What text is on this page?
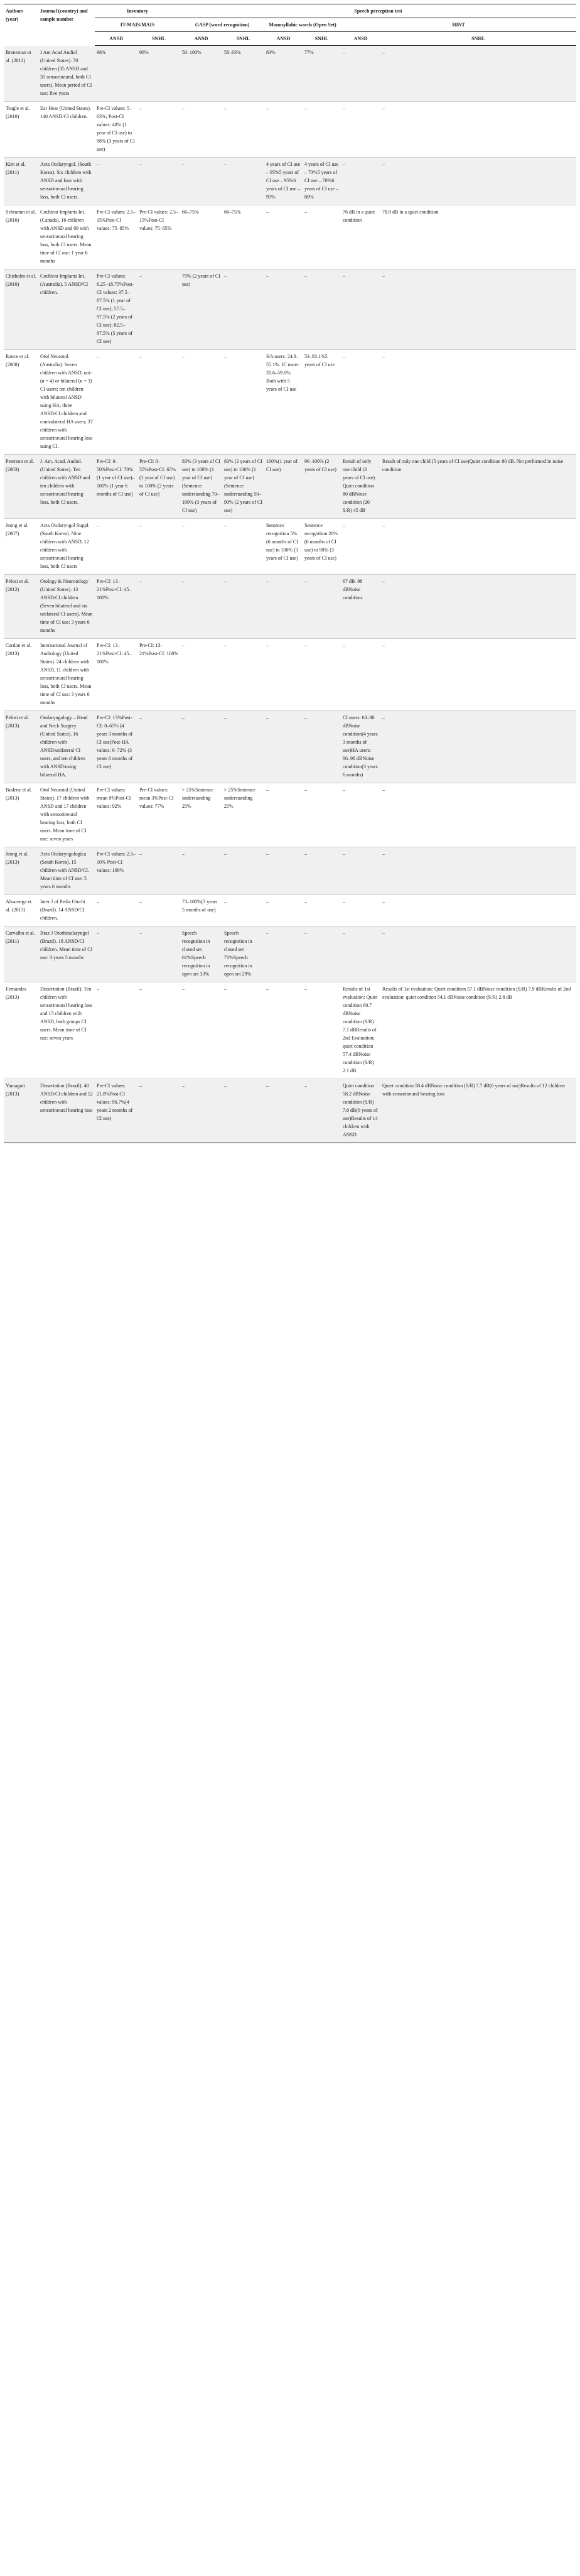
Authors (year)	Journal (country) and sample number	Inventory		Speech perception test					
		IT-MAIS/MAIS		GASP (word recognition)		Monosyllabic words (Open Set)		HINT	
		ANSD	SNHL	ANSD	SNHL	ANSD	SNHL	ANSD	SNHL
Breneman et al. (2012)	J Am Acad Audiol (United States). 70 children (35 ANSD and 35 sensorineural, both CI users). Mean period of CI use: five years	98%	98%	50–100%	58–63%	83%	77%	–	–
Teagle et al. (2010)	Ear Hear (United States). 140 ANSD/CI children.	Pre-CI values: 5–63%; Post-CI values: 48% (1 year of CI use) to 98% (3 years of CI use)	–	–	–	–	–	–	–
Kim et al. (2011)	Acta Otolaryngol. (South Korea). Six children with ANSD and four with sensorineural hearing loss, both CI users.	–	–	–	–	4 years of CI use – 95%5 years of CI use – 95%6 years of CI use – 95%	4 years of CI use – 73%5 years of CI use – 70%6 years of CI use – 80%	–	–
Schramm et al. (2010)	Cochlear Implants Int. (Canada). 16 children with ANSD and 89 with sensorineural hearing loss, both CI users. Mean time of CI use: 1 year 6 months	Pre-CI values: 2.5–15%Post-CI values: 75–85%	Pre-CI values: 2.5–15%Post-CI values: 75–85%	66–75%	66–75%	–	–	76 dB in a quiet condition	78.9 dB in a quiet condition
Chisholm et al. (2010)	Cochlear Implants Int. (Australia). 5 ANSD/CI children.	Pre-CI values: 6.25–18.75%Post-CI values: 37.5–87.5% (1 year of CI use); 57.5–97.5% (2 years of CI use); 82.5–97.5% (5 years of CI use)	–	75% (2 years of CI use)	–	–	–	–	–
Rance et al. (2008)	Otol Neurotol. (Australia). Seven children with ANSD, uni- (n = 4) or bilateral (n = 3) CI users; ten children with bilateral ANSD using HA; three ANSD/CI children and contralateral HA users; 37 children with sensorineural hearing loss using CI.	–	–	–	–	HA users: 24.8–55.1%. IC users: 20.6–59.6%. Both with 5 years of CI use	53–83.1%5 years of CI use	–	–
Peterson et al. (2003)	J. Am. Acad. Audiol. (United States). Ten children with ANSD and ten children with sensorineural hearing loss, both CI users.	Pre-CI: 0–50%Post-CI: 70% (1 year of CI use)–100% (1 year 6 months of CI use)	Pre-CI: 0–55%Post-CI: 65% (1 year of CI use) to 100% (2 years of CI use)	83% (3 years of CI use) to 100% (1 year of CI use)(Sentence understanding 70–100% (3 years of CI use)	83% (2 years of CI use) to 100% (1 year of CI use)(Sentence understanding 50–90% (2 years of CI use)	100%(1 year of CI use)	96–100% (2 years of CI use)	Result of only one child (3 years of CI use): Quiet condition 80 dBNoise condition (20 S/R) 45 dB	Result of only one child (5 years of CI use)Quiet condition 80 dB. Not performed in noise condition
Jeong et al. (2007)	Acta Otolaryngol Suppl. (South Korea). Nine children with ANSD, 12 children with sensorineural hearing loss, both CI users	–	–	–	–	Sentence recognition 5% (6 months of CI use) to 100% (3 years of CI use)	Sentence recognition 20% (6 months of CI use) to 90% (3 years of CI use)	–	–
Pelosi et al. (2012)	Otology & Neurotology (United States). 13 ANSD/CI children (Seven bilateral and six unilateral CI users). Mean time of CI use: 3 years 6 months	Pre-CI: 13–21%Post-CI: 45–100%	–	–	–	–	–	67 dB–98 dBNoise condition.	–
Cardon et al. (2013)	International Journal of Audiology (United States). 24 children with ANSD, 11 children with sensorineural hearing loss, both CI users. Mean time of CI use: 3 years 6 months	Pre-CI: 13–21%Post-CI: 45–100%	Pre-CI: 13–21%Post-CI: 100%	–	–	–	–	–	–
Pelosi et al. (2013)	Otolaryngology – Head and Neck Surgery (United States). 16 children with ANSD/unilateral CI users, and ten children with ANSD/using bilateral HA.	Pre-CI: 13%Post-CI: 0–65% (4 years 3 months of CI use)Post-HA values: 0–72% (3 years 6 months of CI use)	–	–	–	–	–	CI users: 63–98 dBNoise condition(4 years 3 months of use)HA users: 86–98 dBNoise condition(3 years 6 months)	–
Budenz et al. (2013)	Otol Neurotol (United States). 17 children with ANSD and 17 children with sensorineural hearing loss, both CI users. Mean time of CI use: seven years	Pre-CI values: mean 0%Post-CI values: 92%	Pre-CI values: mean 3%Post-CI values: 77%	> 25%Sentence understanding 25%	> 25%Sentence understanding 25%	–	–	–	–
Jeong et al. (2013)	Acta Otolaryngologica (South Korea). 15 children with ANSD/CI. Mean time of CI use: 5 years 6 months	Pre-CI values: 2.5–10% Post-CI values: 100%	–	–	–	–	–	–	–
Alvarenga et al. (2013)	Inter J of Pedia Otorhi (Brazil). 14 ANSD/CI children.	–	–	73–100%(3 years 5 months of use)	–	–	–	–	–
Carvalho et al. (2011)	Braz J Otorhinolaryngol (Brazil). 18 ANSD/CI children. Mean time of CI use: 3 years 5 months	–	–	Speech recognition in closed set 61%Speech recognition in open set 33%	Speech recognition in closed set 71%Speech recognition in open set 29%	–	–	–	–
Fernandes (2013)	Dissertation (Brazil). Ten children with sensorineural hearing loss and 15 children with ANSD, both groups CI users. Mean time of CI use: seven years	–	–	–	–	–	–	Results of 1st evaluation: Quiet condition 60.7 dBNoise condition (S/R) 7.1 dBResults of 2nd Evaluation: quiet condition 57.4 dBNoise condition (S/R) 2.1 dB	Results of 1st evaluation: Quiet condition 57.1 dBNoise condition (S/R) 7.9 dBResults of 2nd evaluation: quiet condition 54.1 dBNoise condition (S/R) 2.8 dB
Yamaguti (2013)	Dissertation (Brazil). 48 ANSD/CI children and 12 children with sensorineural hearing loss	Pre-CI values: 21.8%Post-CI values: 96.7%(4 years 2 months of CI use)	–	–	–	–	–	Quiet condition 58.2 dBNoise condition (S/R) 7.6 dB(6 years of use)Results of 14 children with ANSD	Quiet condition 58.4 dBNoise condition (S/R) 7.7 dB(6 years of use)Results of 12 children with sensorineural hearing loss
